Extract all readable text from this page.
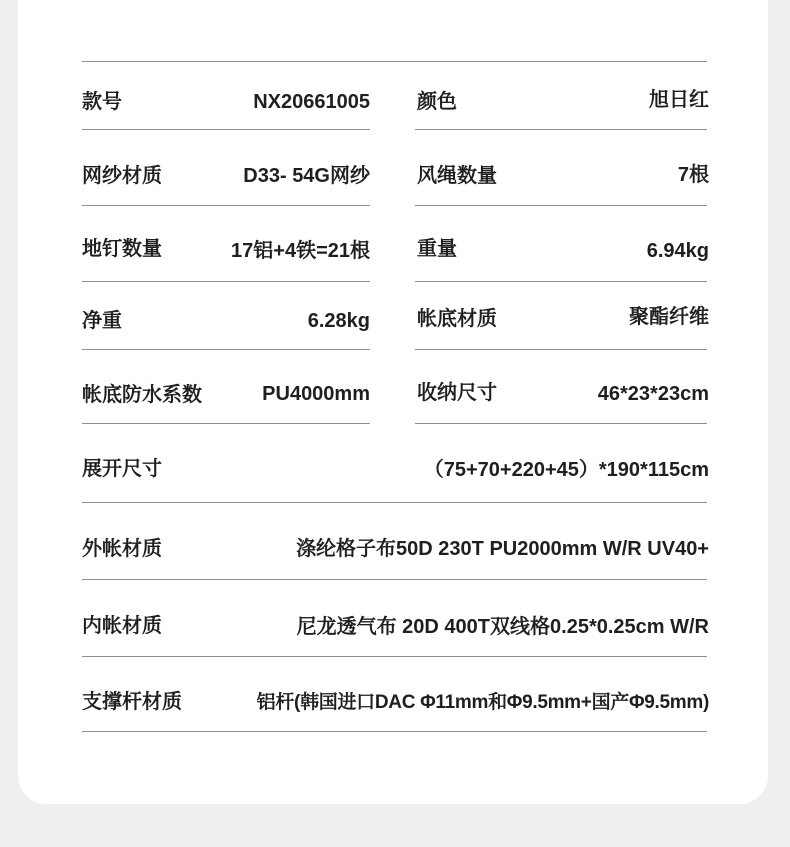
款号	NX20661005 颜色	旭日红
网纱材质	D33- 54G网纱 风绳数量	7根
地钉数量	17铝+4铁=21根 重量	6.94kg
净重	6.28kg 帐底材质	聚酯纤维
帐底防水系数	PU4000mm 收纳尺寸	46*23*23cm
展开尺寸	（75+70+220+45）*190*115cm
外帐材质	涤纶格子布50D 230T PU2000mm W/R UV40+
内帐材质	尼龙透气布 20D 400T双线格0.25*0.25cm W/R
支撑杆材质	铝杆(韩国进口DAC Φ11mm和Φ9.5mm+国产Φ9.5mm)
